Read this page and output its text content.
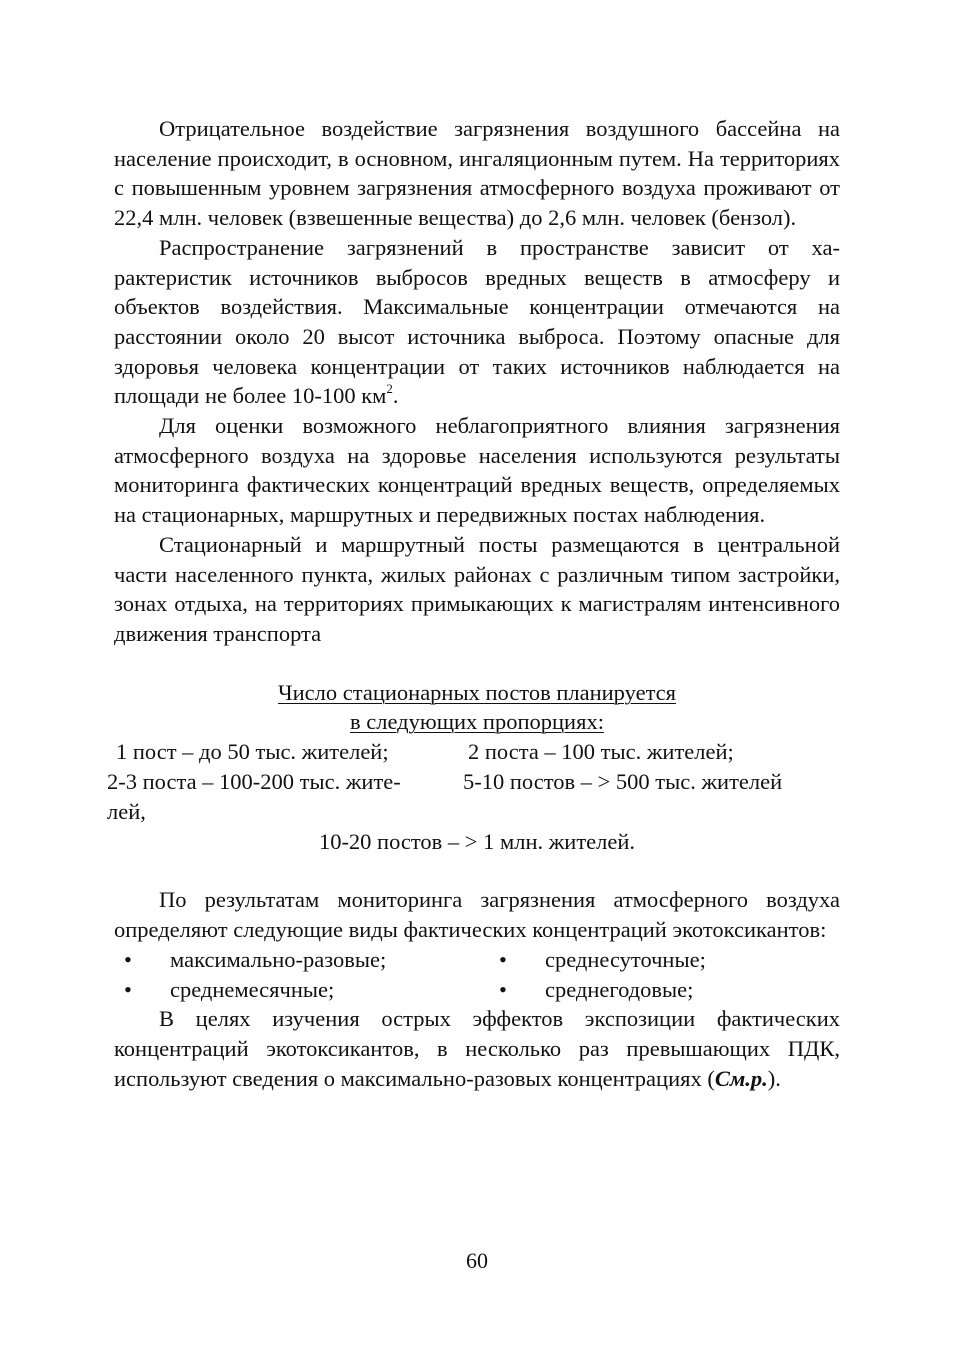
Отрицательное воздействие загрязнения воздушного бассейна на население происходит, в основном, ингаляционным путем. На территориях с повышенным уровнем загрязнения атмосферного воздуха проживают от 22,4 млн. человек (взвешенные вещества) до 2,6 млн. человек (бензол).

Распространение загрязнений в пространстве зависит от характеристик источников выбросов вредных веществ в атмосферу и объектов воздействия. Максимальные концентрации отмечаются на расстоянии около 20 высот источника выброса. Поэтому опасные для здоровья человека концентрации от таких источников наблюдается на площади не более 10-100 $км^2$.

Для оценки возможного неблагоприятного влияния загрязнения атмосферного воздуха на здоровье населения используются результаты мониторинга фактических концентраций вредных веществ, определяемых на стационарных, маршрутных и передвижных постах наблюдения.

Стационарный и маршрутный посты размещаются в центральной части населенного пункта, жилых районах с различным типом застройки, зонах отдыха, на территориях примыкающих к магистралям интенсивного движения транспорта

Число стационарных постов планируется
в следующих пропорциях:
1 пост – до 50 тыс. жителей;	2 поста – 100 тыс. жителей;
2-3 поста – 100-200 тыс. жите-	5-10 постов – > 500 тыс. жителей
лей,
10-20 постов – > 1 млн. жителей.

По результатам мониторинга загрязнения атмосферного воздуха определяют следующие виды фактических концентраций экотоксикантов:

• максимально-разовые;	• среднесуточные;
• среднемесячные;	• среднегодовые;

В целях изучения острых эффектов экспозиции фактических концентраций экотоксикантов, в несколько раз превышающих ПДК, используют сведения о максимально-разовых концентрациях (См.р.).

60
